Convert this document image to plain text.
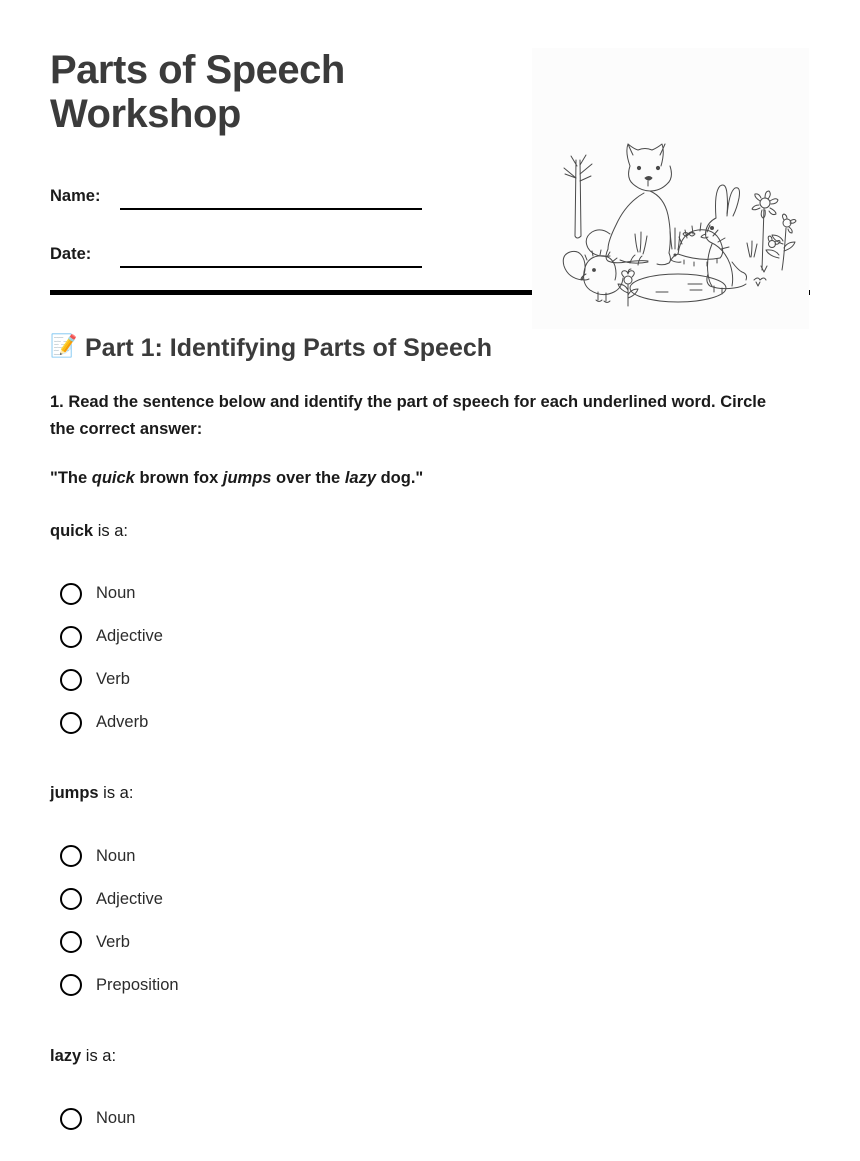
Parts of Speech Workshop
Name:
Date:
📝 Part 1: Identifying Parts of Speech

1. Read the sentence below and identify the part of speech for each underlined word. Circle the correct answer:

"The quick brown fox jumps over the lazy dog."

quick is a:

Noun
Adjective
Verb
Adverb

jumps is a:

Noun
Adjective
Verb
Preposition

lazy is a:

Noun
